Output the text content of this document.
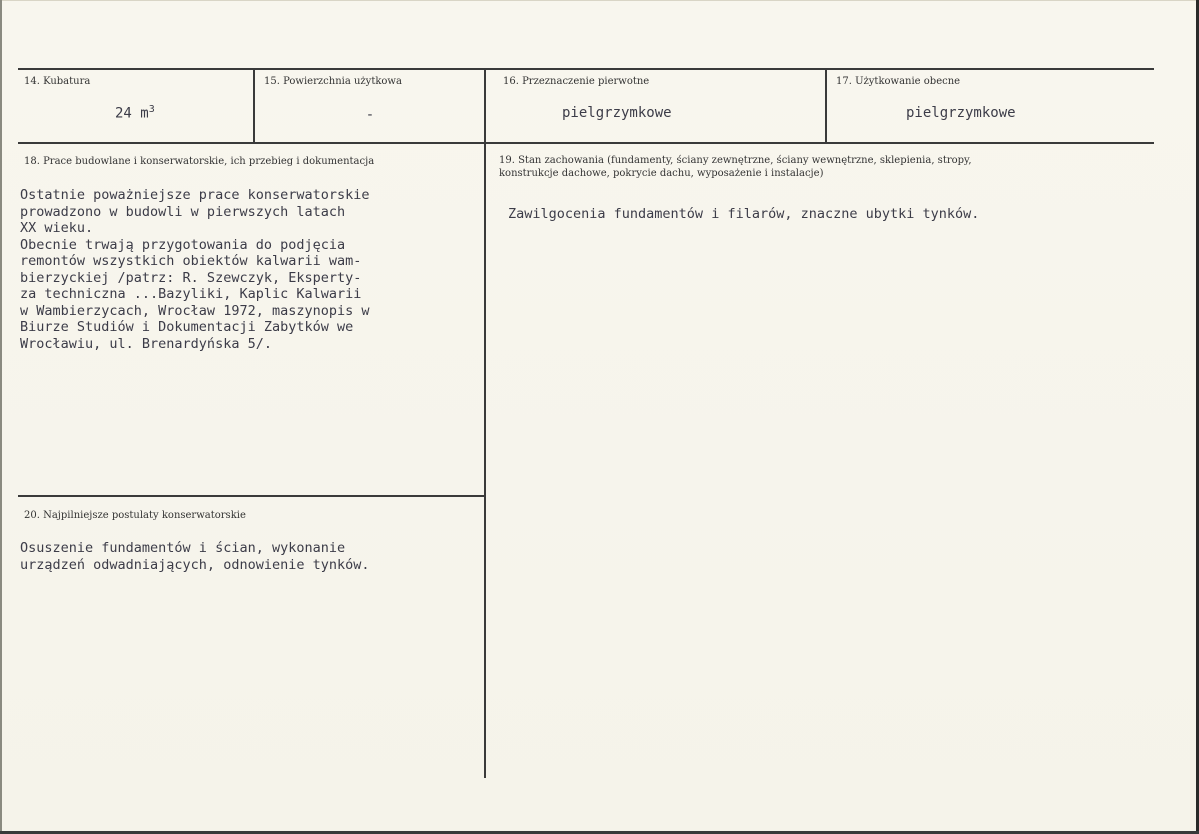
14. Kubatura
24 $m^3$
15. Powierzchnia użytkowa
-
16. Przeznaczenie pierwotne
pielgrzymkowe
17. Użytkowanie obecne
pielgrzymkowe
18. Prace budowlane i konserwatorskie, ich przebieg i dokumentacja
Ostatnie poważniejsze prace konserwatorskie
prowadzono w budowli w pierwszych latach
XX wieku.
Obecnie trwają przygotowania do podjęcia
remontów wszystkich obiektów kalwarii wam-
bierzyckiej /patrz: R. Szewczyk, Eksperty-
za techniczna ...Bazyliki, Kaplic Kalwarii
w Wambierzycach, Wrocław 1972, maszynopis w
Biurze Studiów i Dokumentacji Zabytków we
Wrocławiu, ul. Brenardyńska 5/.
19. Stan zachowania (fundamenty, ściany zewnętrzne, ściany wewnętrzne, sklepienia, stropy,
konstrukcje dachowe, pokrycie dachu, wyposażenie i instalacje)
Zawilgocenia fundamentów i filarów, znaczne ubytki tynków.
20. Najpilniejsze postulaty konserwatorskie
Osuszenie fundamentów i ścian, wykonanie
urządzeń odwadniających, odnowienie tynków.
